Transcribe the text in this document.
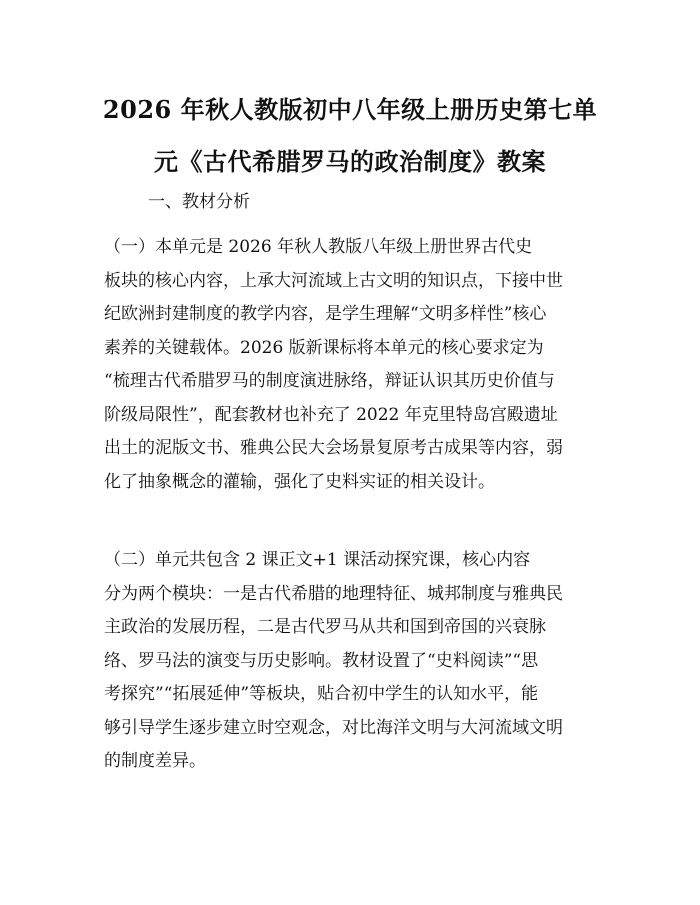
2026 年秋人教版初中八年级上册历史第七单
元《古代希腊罗马的政治制度》教案
一、教材分析
（一）本单元是 2026 年秋人教版八年级上册世界古代史
板块的核心内容，上承大河流域上古文明的知识点，下接中世
纪欧洲封建制度的教学内容，是学生理解“文明多样性”核心
素养的关键载体。2026 版新课标将本单元的核心要求定为
“梳理古代希腊罗马的制度演进脉络，辩证认识其历史价值与
阶级局限性”，配套教材也补充了 2022 年克里特岛宫殿遗址
出土的泥版文书、雅典公民大会场景复原考古成果等内容，弱
化了抽象概念的灌输，强化了史料实证的相关设计。
（二）单元共包含 2 课正文+1 课活动探究课，核心内容
分为两个模块：一是古代希腊的地理特征、城邦制度与雅典民
主政治的发展历程，二是古代罗马从共和国到帝国的兴衰脉
络、罗马法的演变与历史影响。教材设置了“史料阅读”“思
考探究”“拓展延伸”等板块，贴合初中学生的认知水平，能
够引导学生逐步建立时空观念，对比海洋文明与大河流域文明
的制度差异。
